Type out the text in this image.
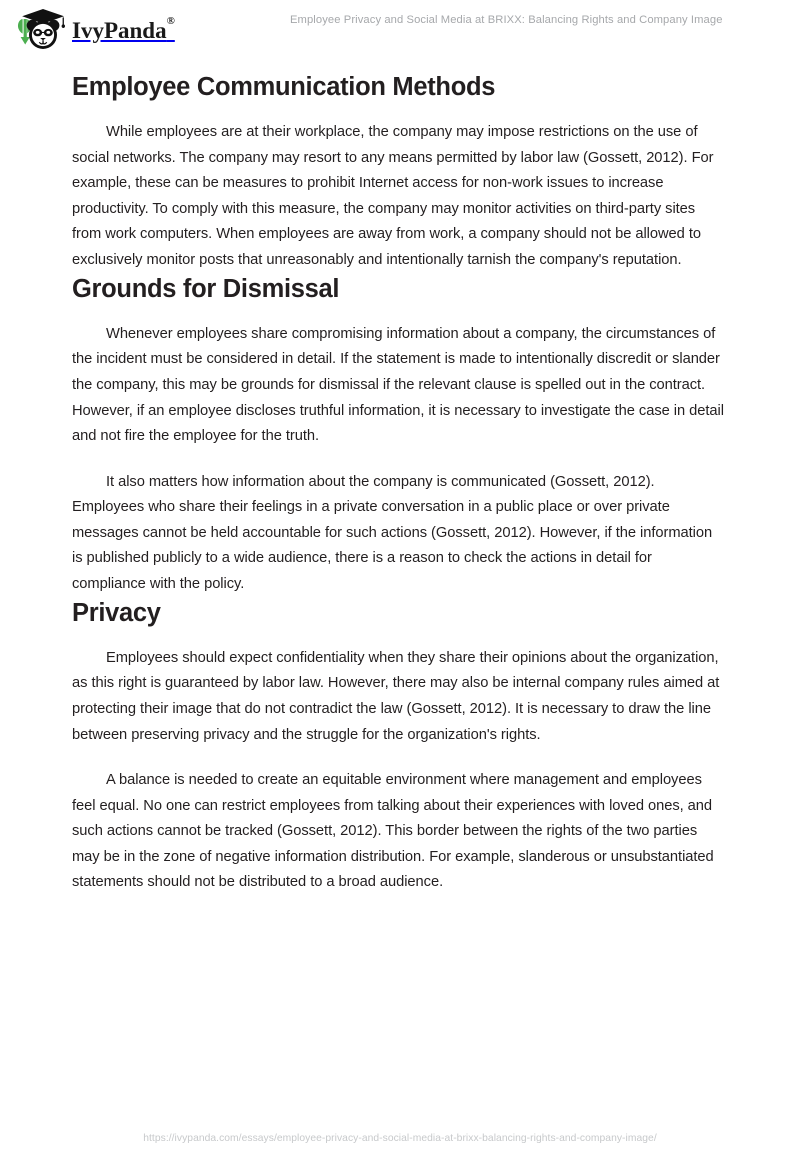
IvyPanda®	Employee Privacy and Social Media at BRIXX: Balancing Rights and Company Image
Employee Communication Methods

While employees are at their workplace, the company may impose restrictions on the use of social networks. The company may resort to any means permitted by labor law (Gossett, 2012). For example, these can be measures to prohibit Internet access for non-work issues to increase productivity. To comply with this measure, the company may monitor activities on third-party sites from work computers. When employees are away from work, a company should not be allowed to exclusively monitor posts that unreasonably and intentionally tarnish the company's reputation.

Grounds for Dismissal

Whenever employees share compromising information about a company, the circumstances of the incident must be considered in detail. If the statement is made to intentionally discredit or slander the company, this may be grounds for dismissal if the relevant clause is spelled out in the contract. However, if an employee discloses truthful information, it is necessary to investigate the case in detail and not fire the employee for the truth.

It also matters how information about the company is communicated (Gossett, 2012). Employees who share their feelings in a private conversation in a public place or over private messages cannot be held accountable for such actions (Gossett, 2012). However, if the information is published publicly to a wide audience, there is a reason to check the actions in detail for compliance with the policy.

Privacy

Employees should expect confidentiality when they share their opinions about the organization, as this right is guaranteed by labor law. However, there may also be internal company rules aimed at protecting their image that do not contradict the law (Gossett, 2012). It is necessary to draw the line between preserving privacy and the struggle for the organization's rights.

A balance is needed to create an equitable environment where management and employees feel equal. No one can restrict employees from talking about their experiences with loved ones, and such actions cannot be tracked (Gossett, 2012). This border between the rights of the two parties may be in the zone of negative information distribution. For example, slanderous or unsubstantiated statements should not be distributed to a broad audience.

https://ivypanda.com/essays/employee-privacy-and-social-media-at-brixx-balancing-rights-and-company-image/
